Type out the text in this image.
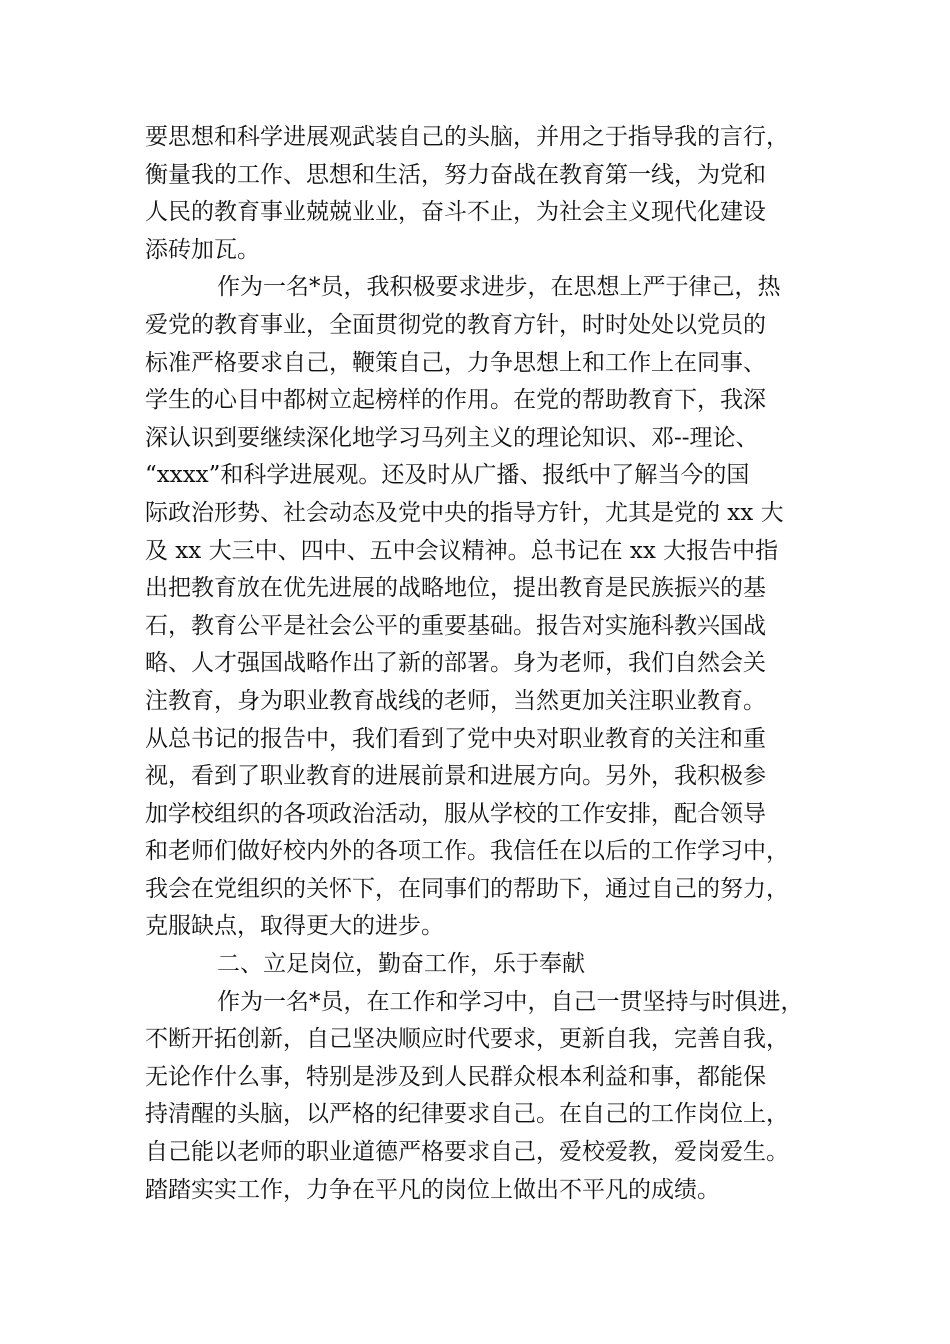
要思想和科学进展观武装自己的头脑，并用之于指导我的言行，
衡量我的工作、思想和生活，努力奋战在教育第一线，为党和
人民的教育事业兢兢业业，奋斗不止，为社会主义现代化建设
添砖加瓦。
作为一名*员，我积极要求进步，在思想上严于律己，热
爱党的教育事业，全面贯彻党的教育方针，时时处处以党员的
标准严格要求自己，鞭策自己，力争思想上和工作上在同事、
学生的心目中都树立起榜样的作用。在党的帮助教育下，我深
深认识到要继续深化地学习马列主义的理论知识、邓--理论、
“xxxx”和科学进展观。还及时从广播、报纸中了解当今的国
际政治形势、社会动态及党中央的指导方针，尤其是党的 xx 大
及 xx 大三中、四中、五中会议精神。总书记在 xx 大报告中指
出把教育放在优先进展的战略地位，提出教育是民族振兴的基
石，教育公平是社会公平的重要基础。报告对实施科教兴国战
略、人才强国战略作出了新的部署。身为老师，我们自然会关
注教育，身为职业教育战线的老师，当然更加关注职业教育。
从总书记的报告中，我们看到了党中央对职业教育的关注和重
视，看到了职业教育的进展前景和进展方向。另外，我积极参
加学校组织的各项政治活动，服从学校的工作安排，配合领导
和老师们做好校内外的各项工作。我信任在以后的工作学习中，
我会在党组织的关怀下，在同事们的帮助下，通过自己的努力，
克服缺点，取得更大的进步。
二、立足岗位，勤奋工作，乐于奉献
作为一名*员，在工作和学习中，自己一贯坚持与时俱进，
不断开拓创新，自己坚决顺应时代要求，更新自我，完善自我，
无论作什么事，特别是涉及到人民群众根本利益和事，都能保
持清醒的头脑，以严格的纪律要求自己。在自己的工作岗位上，
自己能以老师的职业道德严格要求自己，爱校爱教，爱岗爱生。
踏踏实实工作，力争在平凡的岗位上做出不平凡的成绩。
